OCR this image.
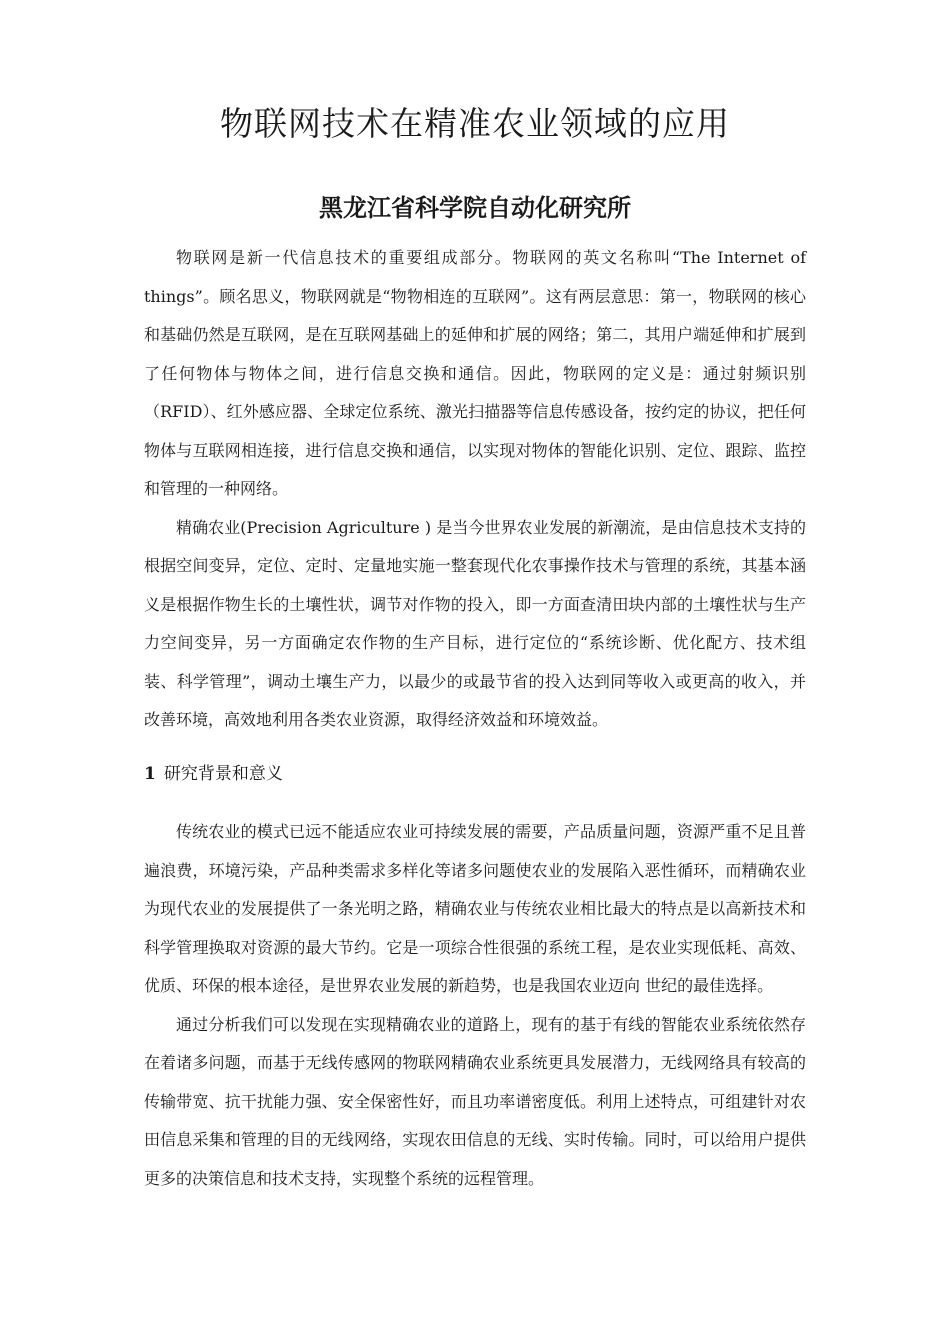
物联网技术在精准农业领域的应用
黑龙江省科学院自动化研究所

物联网是新一代信息技术的重要组成部分。物联网的英文名称叫“The Internet of things”。顾名思义，物联网就是“物物相连的互联网”。这有两层意思：第一，物联网的核心和基础仍然是互联网，是在互联网基础上的延伸和扩展的网络；第二，其用户端延伸和扩展到了任何物体与物体之间，进行信息交换和通信。因此，物联网的定义是：通过射频识别（RFID）、红外感应器、全球定位系统、激光扫描器等信息传感设备，按约定的协议，把任何物体与互联网相连接，进行信息交换和通信，以实现对物体的智能化识别、定位、跟踪、监控和管理的一种网络。

精确农业(Precision Agriculture ) 是当今世界农业发展的新潮流，是由信息技术支持的根据空间变异，定位、定时、定量地实施一整套现代化农事操作技术与管理的系统，其基本涵义是根据作物生长的土壤性状，调节对作物的投入，即一方面查清田块内部的土壤性状与生产力空间变异，另一方面确定农作物的生产目标，进行定位的“系统诊断、优化配方、技术组装、科学管理”，调动土壤生产力，以最少的或最节省的投入达到同等收入或更高的收入，并改善环境，高效地利用各类农业资源，取得经济效益和环境效益。

1 研究背景和意义

传统农业的模式已远不能适应农业可持续发展的需要，产品质量问题，资源严重不足且普遍浪费，环境污染，产品种类需求多样化等诸多问题使农业的发展陷入恶性循环，而精确农业为现代农业的发展提供了一条光明之路，精确农业与传统农业相比最大的特点是以高新技术和科学管理换取对资源的最大节约。它是一项综合性很强的系统工程，是农业实现低耗、高效、优质、环保的根本途径，是世界农业发展的新趋势，也是我国农业迈向 世纪的最佳选择。

通过分析我们可以发现在实现精确农业的道路上，现有的基于有线的智能农业系统依然存在着诸多问题，而基于无线传感网的物联网精确农业系统更具发展潜力，无线网络具有较高的传输带宽、抗干扰能力强、安全保密性好，而且功率谱密度低。利用上述特点，可组建针对农田信息采集和管理的目的无线网络，实现农田信息的无线、实时传输。同时，可以给用户提供更多的决策信息和技术支持，实现整个系统的远程管理。
